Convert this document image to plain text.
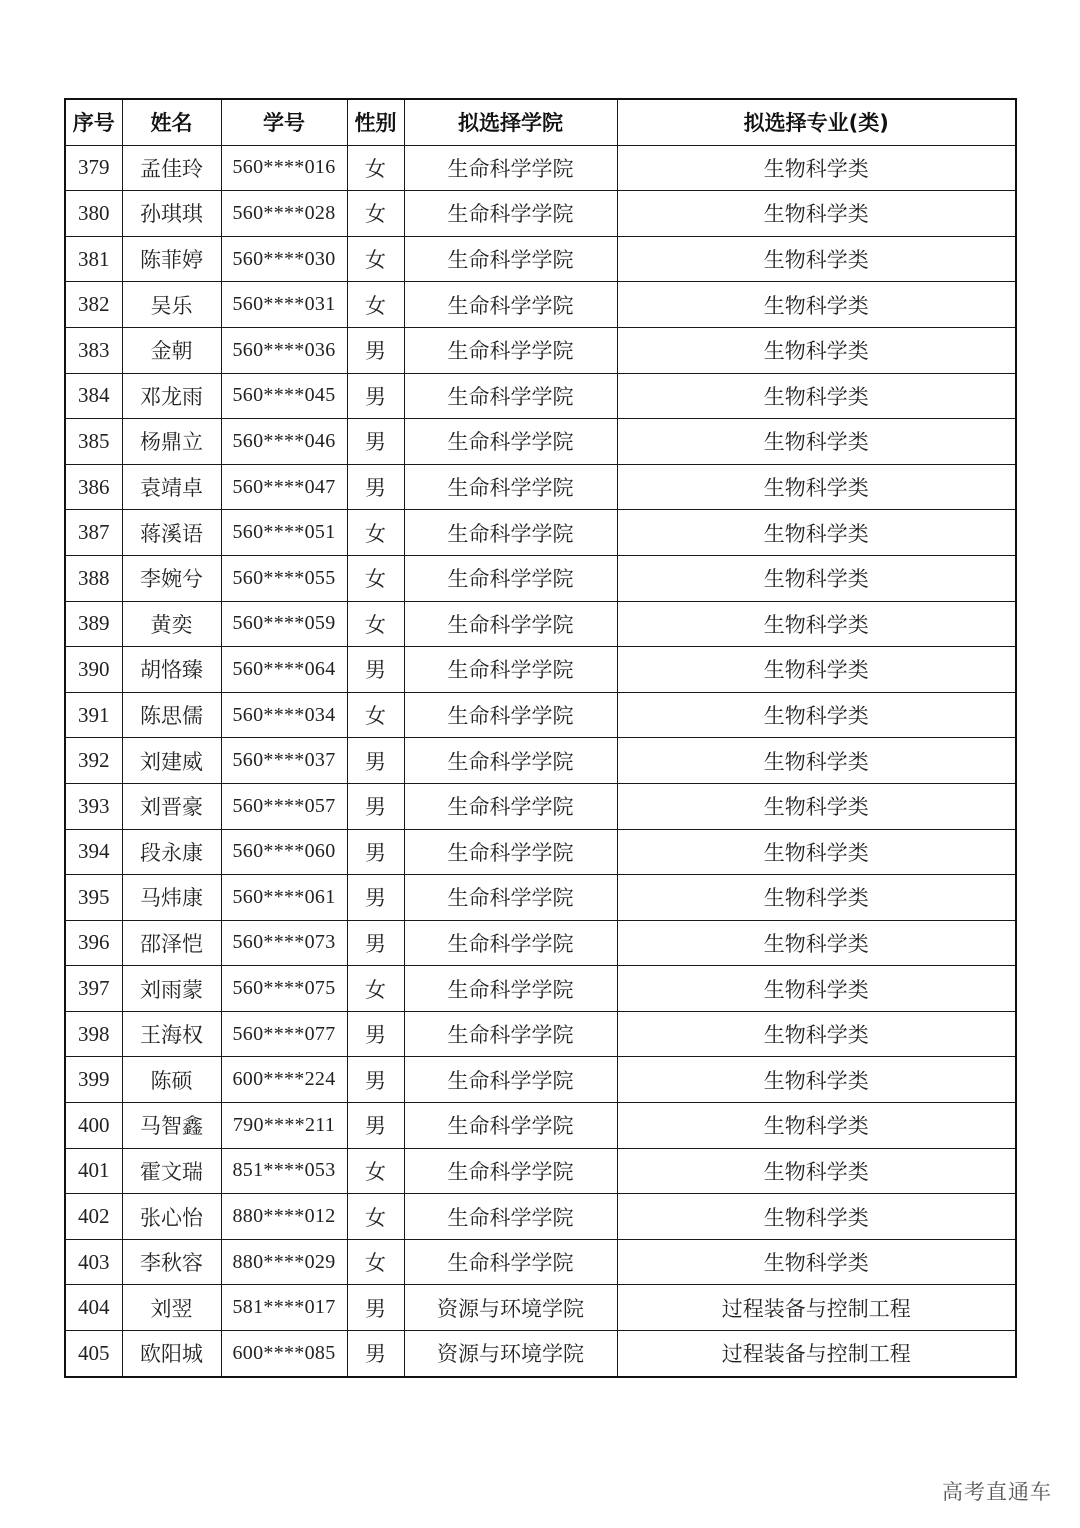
序号	姓名	学号	性别	拟选择学院	拟选择专业(类)
379	孟佳玲	560****016	女	生命科学学院	生物科学类
380	孙琪琪	560****028	女	生命科学学院	生物科学类
381	陈菲婷	560****030	女	生命科学学院	生物科学类
382	吴乐	560****031	女	生命科学学院	生物科学类
383	金朝	560****036	男	生命科学学院	生物科学类
384	邓龙雨	560****045	男	生命科学学院	生物科学类
385	杨鼎立	560****046	男	生命科学学院	生物科学类
386	袁靖卓	560****047	男	生命科学学院	生物科学类
387	蒋溪语	560****051	女	生命科学学院	生物科学类
388	李婉兮	560****055	女	生命科学学院	生物科学类
389	黄奕	560****059	女	生命科学学院	生物科学类
390	胡恪臻	560****064	男	生命科学学院	生物科学类
391	陈思儒	560****034	女	生命科学学院	生物科学类
392	刘建威	560****037	男	生命科学学院	生物科学类
393	刘晋豪	560****057	男	生命科学学院	生物科学类
394	段永康	560****060	男	生命科学学院	生物科学类
395	马炜康	560****061	男	生命科学学院	生物科学类
396	邵泽恺	560****073	男	生命科学学院	生物科学类
397	刘雨蒙	560****075	女	生命科学学院	生物科学类
398	王海权	560****077	男	生命科学学院	生物科学类
399	陈硕	600****224	男	生命科学学院	生物科学类
400	马智鑫	790****211	男	生命科学学院	生物科学类
401	霍文瑞	851****053	女	生命科学学院	生物科学类
402	张心怡	880****012	女	生命科学学院	生物科学类
403	李秋容	880****029	女	生命科学学院	生物科学类
404	刘翌	581****017	男	资源与环境学院	过程装备与控制工程
405	欧阳城	600****085	男	资源与环境学院	过程装备与控制工程
高考直通车
